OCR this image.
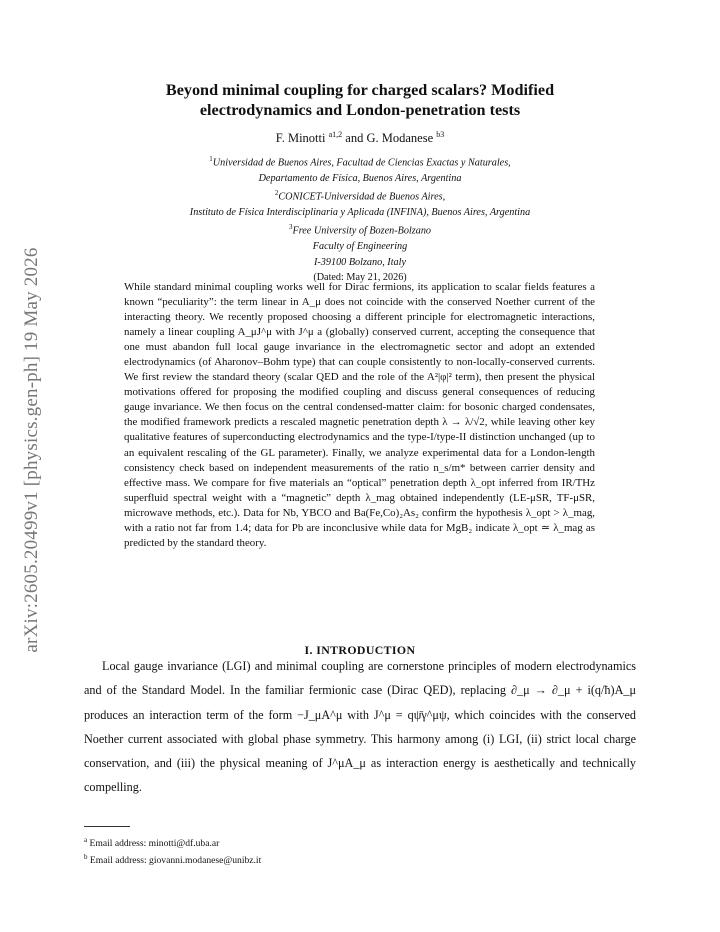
arXiv:2605.20499v1 [physics.gen-ph] 19 May 2026
Beyond minimal coupling for charged scalars? Modified
electrodynamics and London-penetration tests
F. Minotti $^{a1,2}$ and G. Modanese $^{b3}$
$^1$Universidad de Buenos Aires, Facultad de Ciencias Exactas y Naturales,
Departamento de Física, Buenos Aires, Argentina
$^2$CONICET-Universidad de Buenos Aires,
Instituto de Física Interdisciplinaria y Aplicada (INFINA), Buenos Aires, Argentina
$^3$Free University of Bozen-Bolzano
Faculty of Engineering
I-39100 Bolzano, Italy
(Dated: May 21, 2026)
While standard minimal coupling works well for Dirac fermions, its application to scalar fields features a known “peculiarity”: the term linear in A_μ does not coincide with the conserved Noether current of the interacting theory. We recently proposed choosing a different principle for electromagnetic interactions, namely a linear coupling A_μJ^μ with J^μ a (globally) conserved current, accepting the consequence that one must abandon full local gauge invariance in the electromagnetic sector and adopt an extended electrodynamics (of Aharonov–Bohm type) that can couple consistently to non-locally-conserved currents. We first review the standard theory (scalar QED and the role of the A²|φ|² term), then present the physical motivations offered for proposing the modified coupling and discuss general consequences of reducing gauge invariance. We then focus on the central condensed-matter claim: for bosonic charged condensates, the modified framework predicts a rescaled magnetic penetration depth λ → λ/√2, while leaving other key qualitative features of superconducting electrodynamics and the type-I/type-II distinction unchanged (up to an equivalent rescaling of the GL parameter). Finally, we analyze experimental data for a London-length consistency check based on independent measurements of the ratio n_s/m* between carrier density and effective mass. We compare for five materials an “optical” penetration depth λ_opt inferred from IR/THz superfluid spectral weight with a “magnetic” depth λ_mag obtained independently (LE-μSR, TF-μSR, microwave methods, etc.). Data for Nb, YBCO and Ba(Fe,Co)₂As₂ confirm the hypothesis λ_opt > λ_mag, with a ratio not far from 1.4; data for Pb are inconclusive while data for MgB₂ indicate λ_opt ≃ λ_mag as predicted by the standard theory.
I. INTRODUCTION
Local gauge invariance (LGI) and minimal coupling are cornerstone principles of modern electrodynamics and of the Standard Model. In the familiar fermionic case (Dirac QED), replacing ∂_μ → ∂_μ + i(q/ħ)A_μ produces an interaction term of the form −J_μA^μ with J^μ = qψ̄γ^μψ, which coincides with the conserved Noether current associated with global phase symmetry. This harmony among (i) LGI, (ii) strict local charge conservation, and (iii) the physical meaning of J^μA_μ as interaction energy is aesthetically and technically compelling.
$^a$ Email address: minotti@df.uba.ar
$^b$ Email address: giovanni.modanese@unibz.it
